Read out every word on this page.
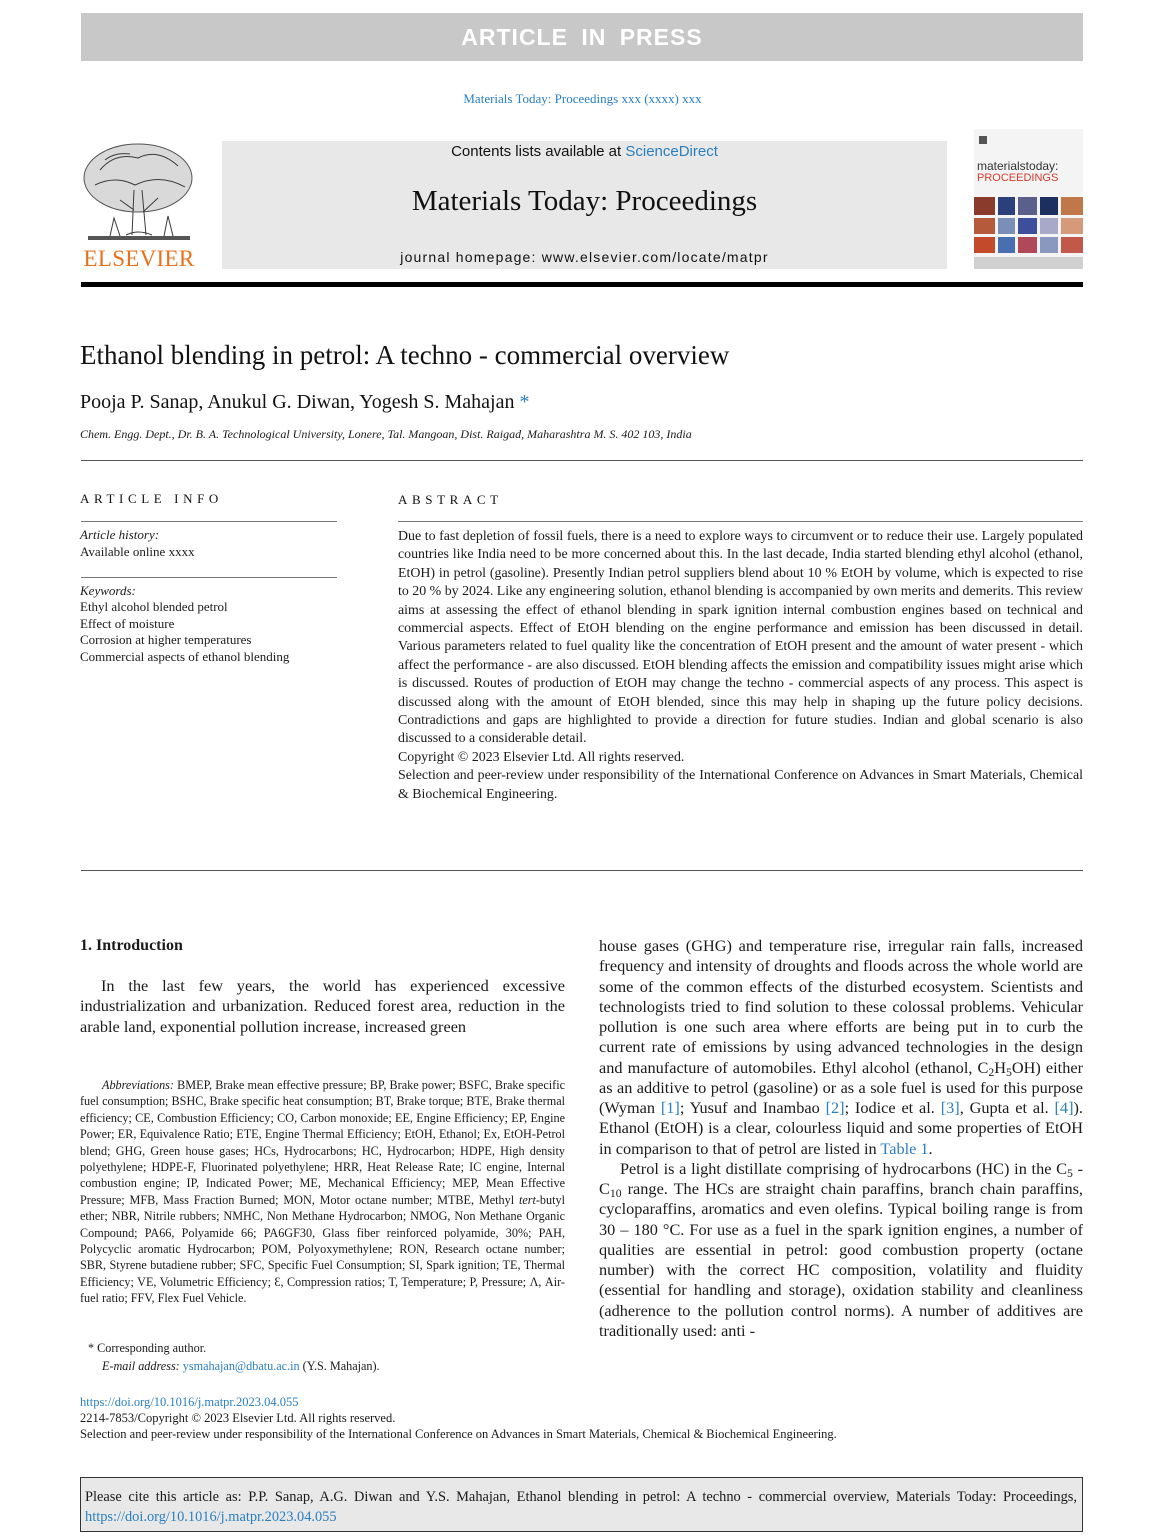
ARTICLE IN PRESS
Materials Today: Proceedings xxx (xxxx) xxx
ELSEVIER
Contents lists available at ScienceDirect
Materials Today: Proceedings
journal homepage: www.elsevier.com/locate/matpr
materialstoday:
PROCEEDINGS
Ethanol blending in petrol: A techno - commercial overview
Pooja P. Sanap, Anukul G. Diwan, Yogesh S. Mahajan *
Chem. Engg. Dept., Dr. B. A. Technological University, Lonere, Tal. Mangoan, Dist. Raigad, Maharashtra M. S. 402 103, India
ARTICLE INFO	ABSTRACT
Article history:
Available online xxxx
Keywords:
Ethyl alcohol blended petrol
Effect of moisture
Corrosion at higher temperatures
Commercial aspects of ethanol blending

Due to fast depletion of fossil fuels, there is a need to explore ways to circumvent or to reduce their use. Largely populated countries like India need to be more concerned about this. In the last decade, India started blending ethyl alcohol (ethanol, EtOH) in petrol (gasoline). Presently Indian petrol suppliers blend about 10 % EtOH by volume, which is expected to rise to 20 % by 2024. Like any engineering solution, ethanol blending is accompanied by own merits and demerits. This review aims at assessing the effect of ethanol blending in spark ignition internal combustion engines based on technical and commercial aspects. Effect of EtOH blending on the engine performance and emission has been discussed in detail. Various parameters related to fuel quality like the concentration of EtOH present and the amount of water present - which affect the performance - are also discussed. EtOH blending affects the emission and compatibility issues might arise which is discussed. Routes of production of EtOH may change the techno - commercial aspects of any process. This aspect is discussed along with the amount of EtOH blended, since this may help in shaping up the future policy decisions. Contradictions and gaps are highlighted to provide a direction for future studies. Indian and global scenario is also discussed to a considerable detail.

Copyright © 2023 Elsevier Ltd. All rights reserved.

Selection and peer-review under responsibility of the International Conference on Advances in Smart Materials, Chemical & Biochemical Engineering.

1. Introduction
In the last few years, the world has experienced excessive industrialization and urbanization. Reduced forest area, reduction in the arable land, exponential pollution increase, increased green
Abbreviations: BMEP, Brake mean effective pressure; BP, Brake power; BSFC, Brake specific fuel consumption; BSHC, Brake specific heat consumption; BT, Brake torque; BTE, Brake thermal efficiency; CE, Combustion Efficiency; CO, Carbon monoxide; EE, Engine Efficiency; EP, Engine Power; ER, Equivalence Ratio; ETE, Engine Thermal Efficiency; EtOH, Ethanol; Ex, EtOH-Petrol blend; GHG, Green house gases; HCs, Hydrocarbons; HC, Hydrocarbon; HDPE, High density polyethylene; HDPE-F, Fluorinated polyethylene; HRR, Heat Release Rate; IC engine, Internal combustion engine; IP, Indicated Power; ME, Mechanical Efficiency; MEP, Mean Effective Pressure; MFB, Mass Fraction Burned; MON, Motor octane number; MTBE, Methyl tert-butyl ether; NBR, Nitrile rubbers; NMHC, Non Methane Hydrocarbon; NMOG, Non Methane Organic Compound; PA66, Polyamide 66; PA6GF30, Glass fiber reinforced polyamide, 30%; PAH, Polycyclic aromatic Hydrocarbon; POM, Polyoxymethylene; RON, Research octane number; SBR, Styrene butadiene rubber; SFC, Specific Fuel Consumption; SI, Spark ignition; TE, Thermal Efficiency; VE, Volumetric Efficiency; Ɛ, Compression ratios; T, Temperature; P, Pressure; Λ, Air-fuel ratio; FFV, Flex Fuel Vehicle.
* Corresponding author.
E-mail address: ysmahajan@dbatu.ac.in (Y.S. Mahajan).

house gases (GHG) and temperature rise, irregular rain falls, increased frequency and intensity of droughts and floods across the whole world are some of the common effects of the disturbed ecosystem. Scientists and technologists tried to find solution to these colossal problems. Vehicular pollution is one such area where efforts are being put in to curb the current rate of emissions by using advanced technologies in the design and manufacture of automobiles. Ethyl alcohol (ethanol, $C_2H_5OH$) either as an additive to petrol (gasoline) or as a sole fuel is used for this purpose (Wyman [1]; Yusuf and Inambao [2]; Iodice et al. [3], Gupta et al. [4]). Ethanol (EtOH) is a clear, colourless liquid and some properties of EtOH in comparison to that of petrol are listed in Table 1.

Petrol is a light distillate comprising of hydrocarbons (HC) in the $C_5 - C_{10}$ range. The HCs are straight chain paraffins, branch chain paraffins, cycloparaffins, aromatics and even olefins. Typical boiling range is from 30 – 180 °C. For use as a fuel in the spark ignition engines, a number of qualities are essential in petrol: good combustion property (octane number) with the correct HC composition, volatility and fluidity (essential for handling and storage), oxidation stability and cleanliness (adherence to the pollution control norms). A number of additives are traditionally used: anti -

https://doi.org/10.1016/j.matpr.2023.04.055
2214-7853/Copyright © 2023 Elsevier Ltd. All rights reserved.
Selection and peer-review under responsibility of the International Conference on Advances in Smart Materials, Chemical & Biochemical Engineering.
Please cite this article as: P.P. Sanap, A.G. Diwan and Y.S. Mahajan, Ethanol blending in petrol: A techno - commercial overview, Materials Today: Proceedings, https://doi.org/10.1016/j.matpr.2023.04.055
